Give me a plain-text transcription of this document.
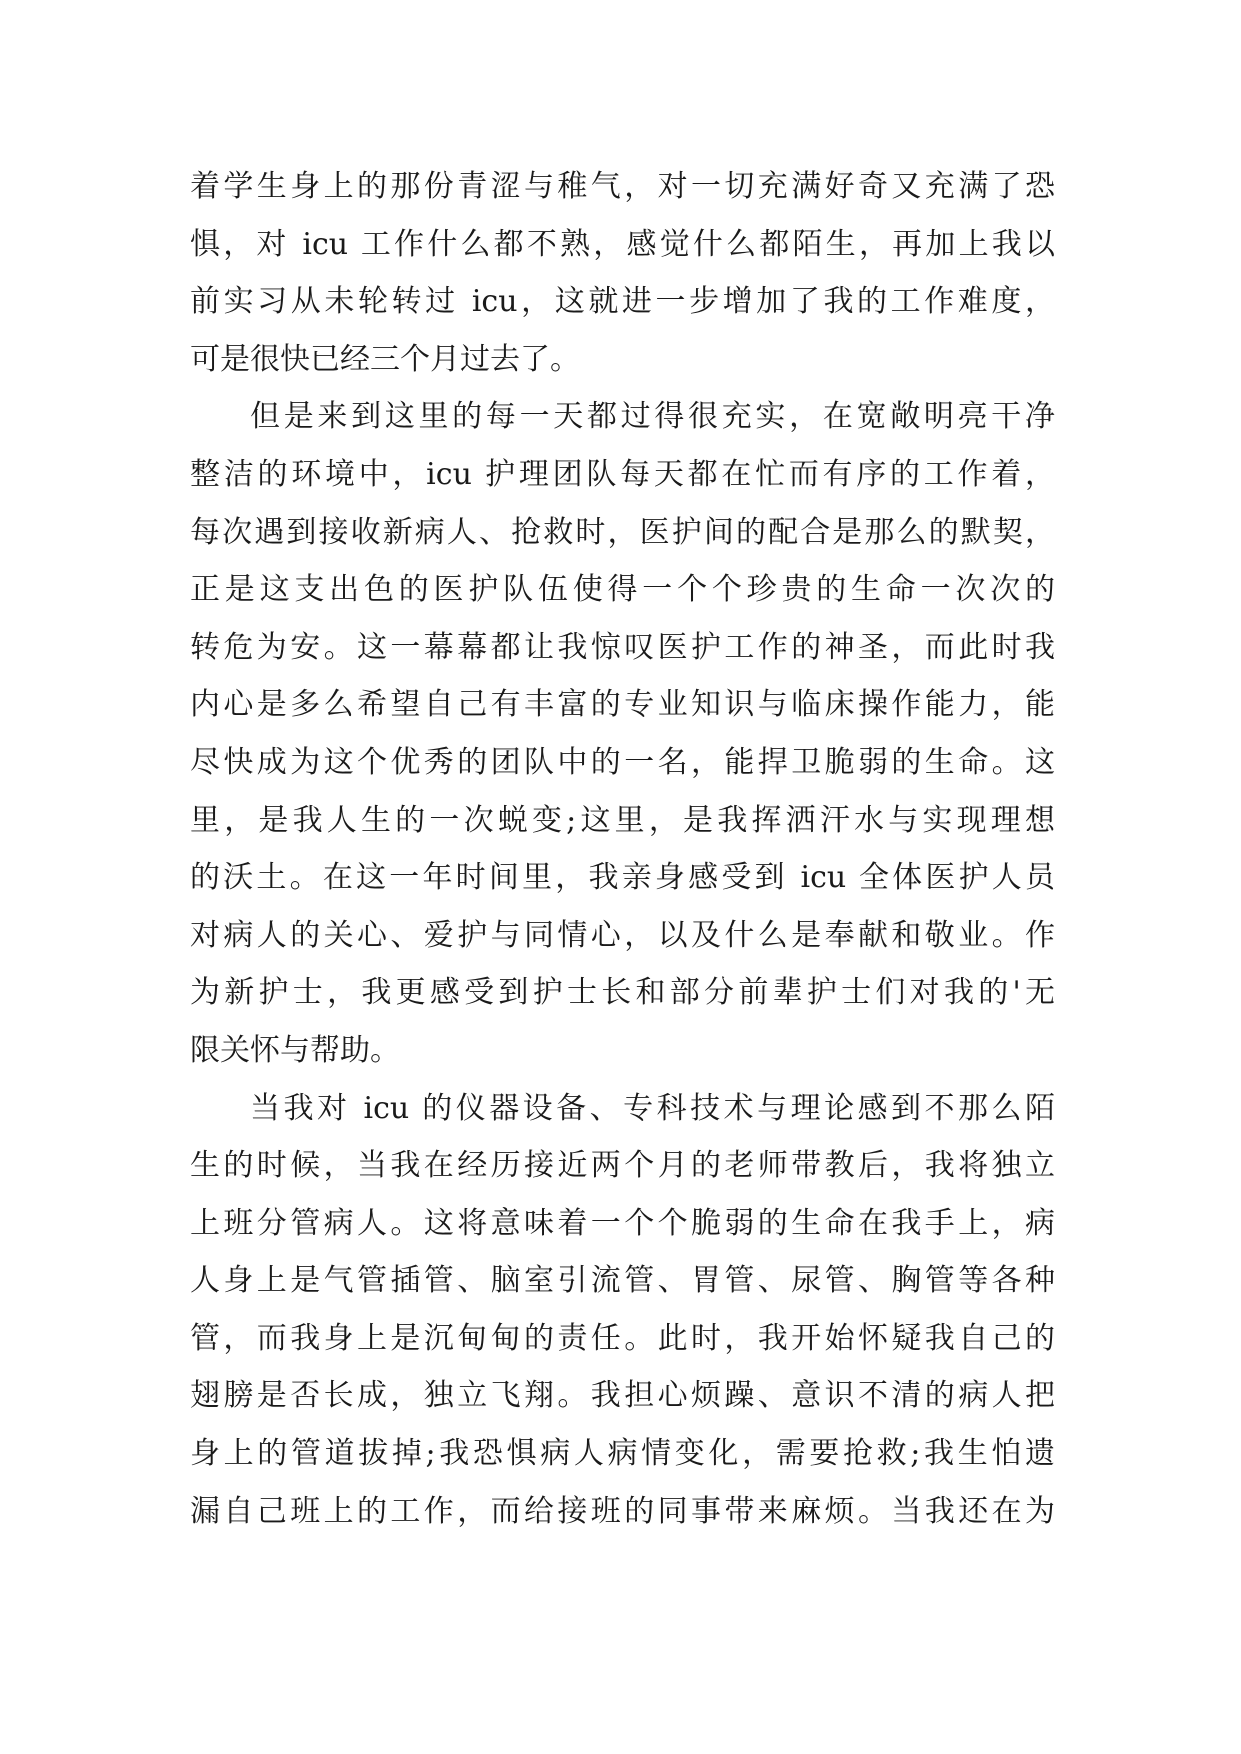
着学生身上的那份青涩与稚气，对一切充满好奇又充满了恐
惧，对 icu 工作什么都不熟，感觉什么都陌生，再加上我以
前实习从未轮转过 icu，这就进一步增加了我的工作难度，
可是很快已经三个月过去了。
但是来到这里的每一天都过得很充实，在宽敞明亮干净
整洁的环境中，icu 护理团队每天都在忙而有序的工作着，
每次遇到接收新病人、抢救时，医护间的配合是那么的默契，
正是这支出色的医护队伍使得一个个珍贵的生命一次次的
转危为安。这一幕幕都让我惊叹医护工作的神圣，而此时我
内心是多么希望自己有丰富的专业知识与临床操作能力，能
尽快成为这个优秀的团队中的一名，能捍卫脆弱的生命。这
里，是我人生的一次蜕变;这里，是我挥洒汗水与实现理想
的沃土。在这一年时间里，我亲身感受到 icu 全体医护人员
对病人的关心、爱护与同情心，以及什么是奉献和敬业。作
为新护士，我更感受到护士长和部分前辈护士们对我的'无
限关怀与帮助。
当我对 icu 的仪器设备、专科技术与理论感到不那么陌
生的时候，当我在经历接近两个月的老师带教后，我将独立
上班分管病人。这将意味着一个个脆弱的生命在我手上，病
人身上是气管插管、脑室引流管、胃管、尿管、胸管等各种
管，而我身上是沉甸甸的责任。此时，我开始怀疑我自己的
翅膀是否长成，独立飞翔。我担心烦躁、意识不清的病人把
身上的管道拔掉;我恐惧病人病情变化，需要抢救;我生怕遗
漏自己班上的工作，而给接班的同事带来麻烦。当我还在为
